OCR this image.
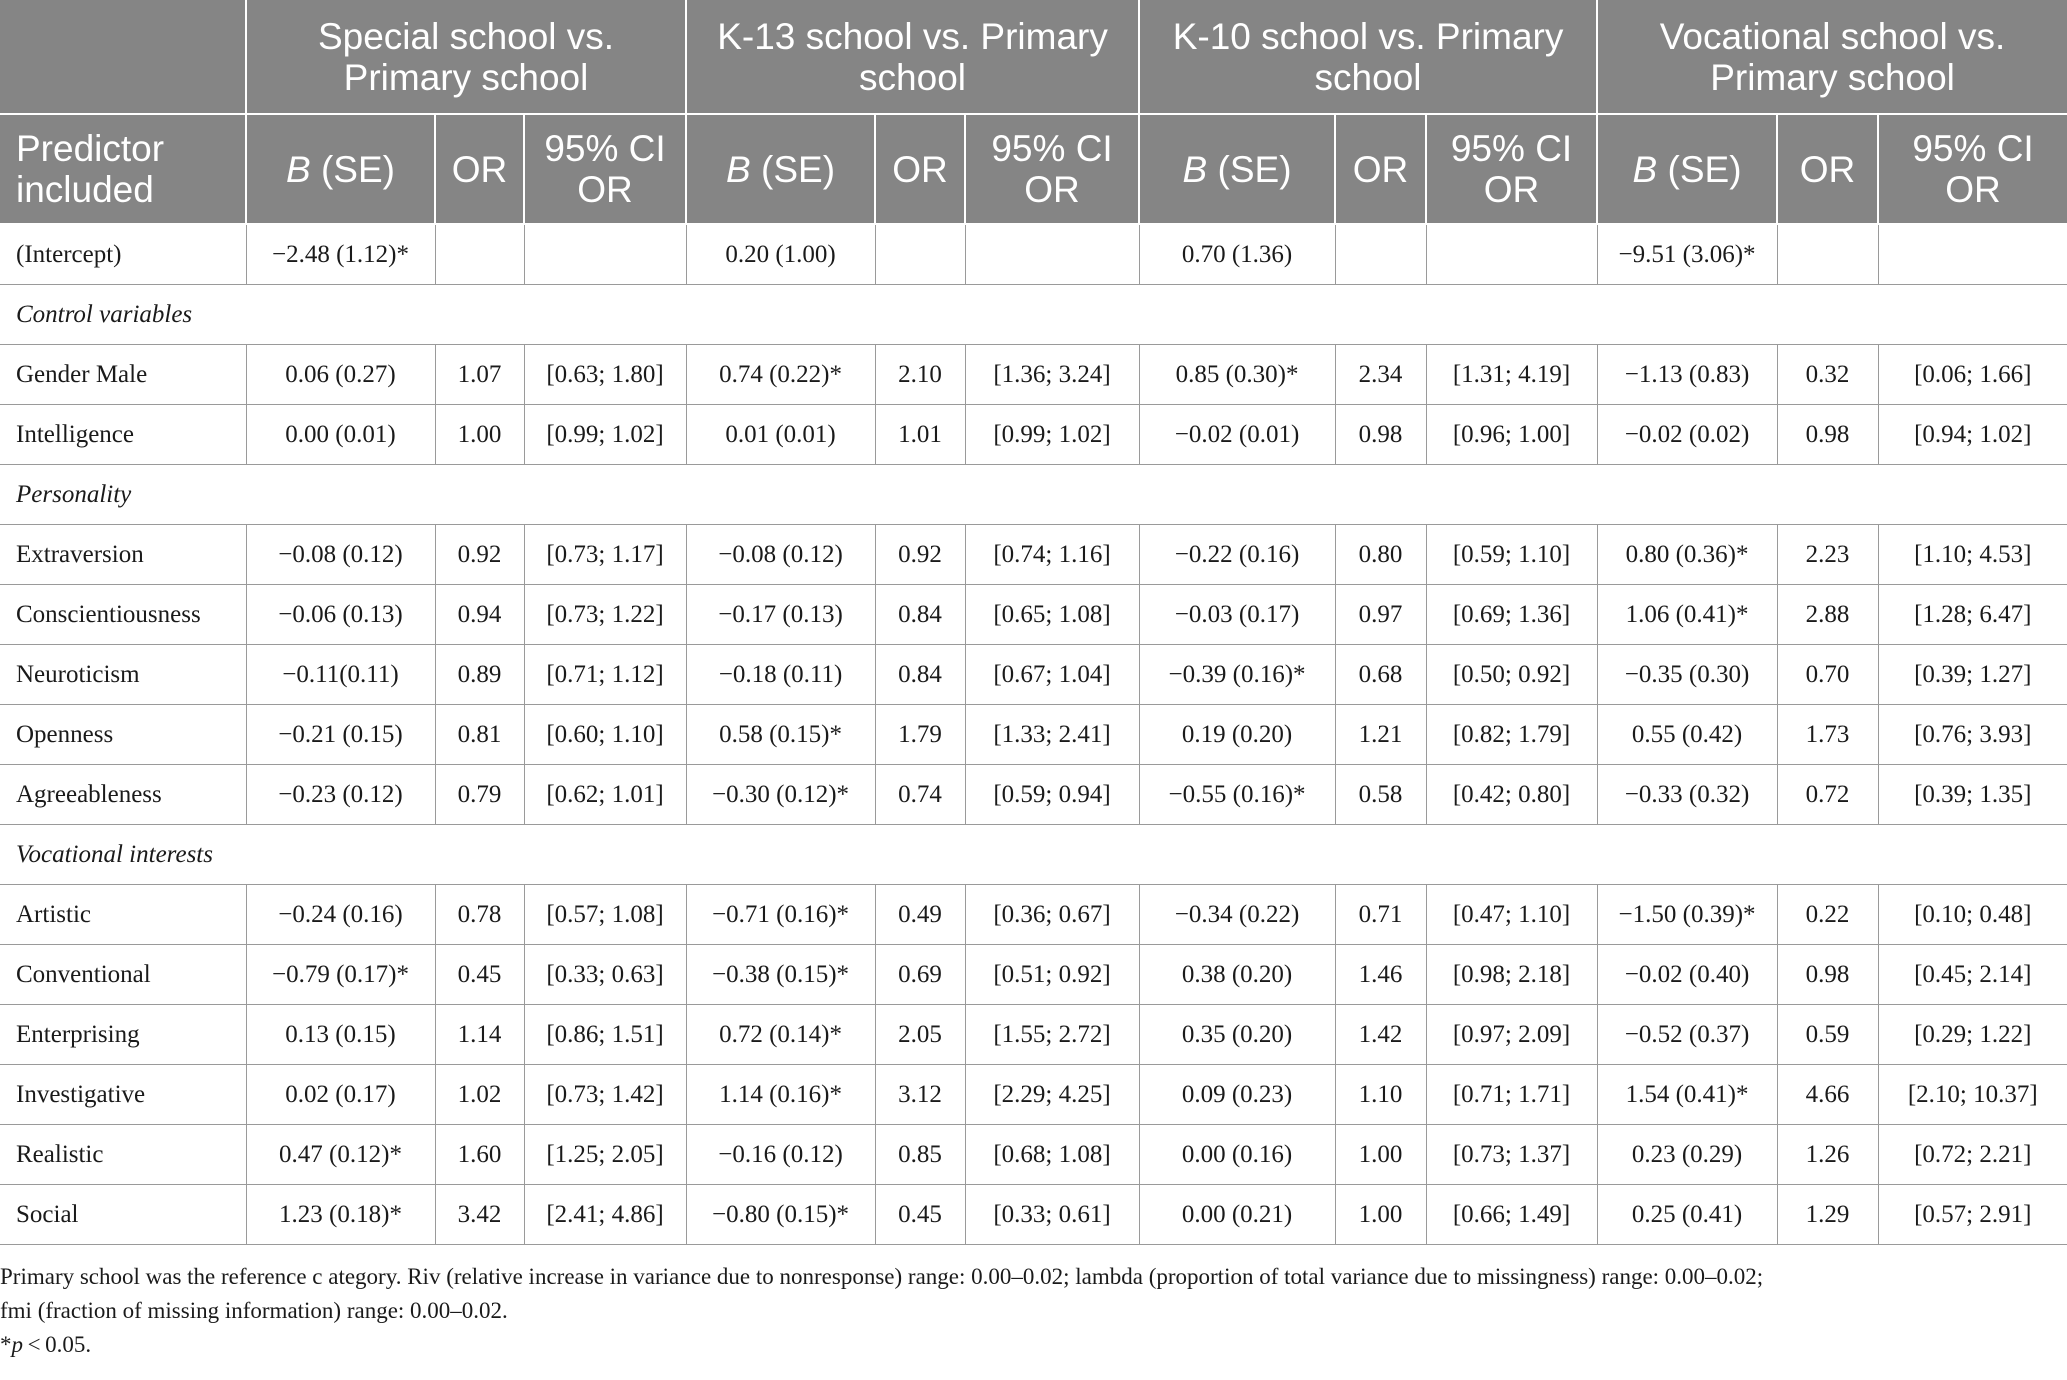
	Special school vs. Primary school			K-13 school vs. Primary school			K-10 school vs. Primary school			Vocational school vs. Primary school		
Predictor included	B (SE)	OR	95% CI OR	B (SE)	OR	95% CI OR	B (SE)	OR	95% CI OR	B (SE)	OR	95% CI OR
(Intercept)	−2.48 (1.12)*			0.20 (1.00)			0.70 (1.36)			−9.51 (3.06)*		
Control variables												
Gender Male	0.06 (0.27)	1.07	[0.63; 1.80]	0.74 (0.22)*	2.10	[1.36; 3.24]	0.85 (0.30)*	2.34	[1.31; 4.19]	−1.13 (0.83)	0.32	[0.06; 1.66]
Intelligence	0.00 (0.01)	1.00	[0.99; 1.02]	0.01 (0.01)	1.01	[0.99; 1.02]	−0.02 (0.01)	0.98	[0.96; 1.00]	−0.02 (0.02)	0.98	[0.94; 1.02]
Personality												
Extraversion	−0.08 (0.12)	0.92	[0.73; 1.17]	−0.08 (0.12)	0.92	[0.74; 1.16]	−0.22 (0.16)	0.80	[0.59; 1.10]	0.80 (0.36)*	2.23	[1.10; 4.53]
Conscientiousness	−0.06 (0.13)	0.94	[0.73; 1.22]	−0.17 (0.13)	0.84	[0.65; 1.08]	−0.03 (0.17)	0.97	[0.69; 1.36]	1.06 (0.41)*	2.88	[1.28; 6.47]
Neuroticism	−0.11(0.11)	0.89	[0.71; 1.12]	−0.18 (0.11)	0.84	[0.67; 1.04]	−0.39 (0.16)*	0.68	[0.50; 0.92]	−0.35 (0.30)	0.70	[0.39; 1.27]
Openness	−0.21 (0.15)	0.81	[0.60; 1.10]	0.58 (0.15)*	1.79	[1.33; 2.41]	0.19 (0.20)	1.21	[0.82; 1.79]	0.55 (0.42)	1.73	[0.76; 3.93]
Agreeableness	−0.23 (0.12)	0.79	[0.62; 1.01]	−0.30 (0.12)*	0.74	[0.59; 0.94]	−0.55 (0.16)*	0.58	[0.42; 0.80]	−0.33 (0.32)	0.72	[0.39; 1.35]
Vocational interests												
Artistic	−0.24 (0.16)	0.78	[0.57; 1.08]	−0.71 (0.16)*	0.49	[0.36; 0.67]	−0.34 (0.22)	0.71	[0.47; 1.10]	−1.50 (0.39)*	0.22	[0.10; 0.48]
Conventional	−0.79 (0.17)*	0.45	[0.33; 0.63]	−0.38 (0.15)*	0.69	[0.51; 0.92]	0.38 (0.20)	1.46	[0.98; 2.18]	−0.02 (0.40)	0.98	[0.45; 2.14]
Enterprising	0.13 (0.15)	1.14	[0.86; 1.51]	0.72 (0.14)*	2.05	[1.55; 2.72]	0.35 (0.20)	1.42	[0.97; 2.09]	−0.52 (0.37)	0.59	[0.29; 1.22]
Investigative	0.02 (0.17)	1.02	[0.73; 1.42]	1.14 (0.16)*	3.12	[2.29; 4.25]	0.09 (0.23)	1.10	[0.71; 1.71]	1.54 (0.41)*	4.66	[2.10; 10.37]
Realistic	0.47 (0.12)*	1.60	[1.25; 2.05]	−0.16 (0.12)	0.85	[0.68; 1.08]	0.00 (0.16)	1.00	[0.73; 1.37]	0.23 (0.29)	1.26	[0.72; 2.21]
Social	1.23 (0.18)*	3.42	[2.41; 4.86]	−0.80 (0.15)*	0.45	[0.33; 0.61]	0.00 (0.21)	1.00	[0.66; 1.49]	0.25 (0.41)	1.29	[0.57; 2.91]

Primary school was the reference c ategory. Riv (relative increase in variance due to nonresponse) range: 0.00–0.02; lambda (proportion of total variance due to missingness) range: 0.00–0.02;

fmi (fraction of missing information) range: 0.00–0.02.

*p < 0.05.
